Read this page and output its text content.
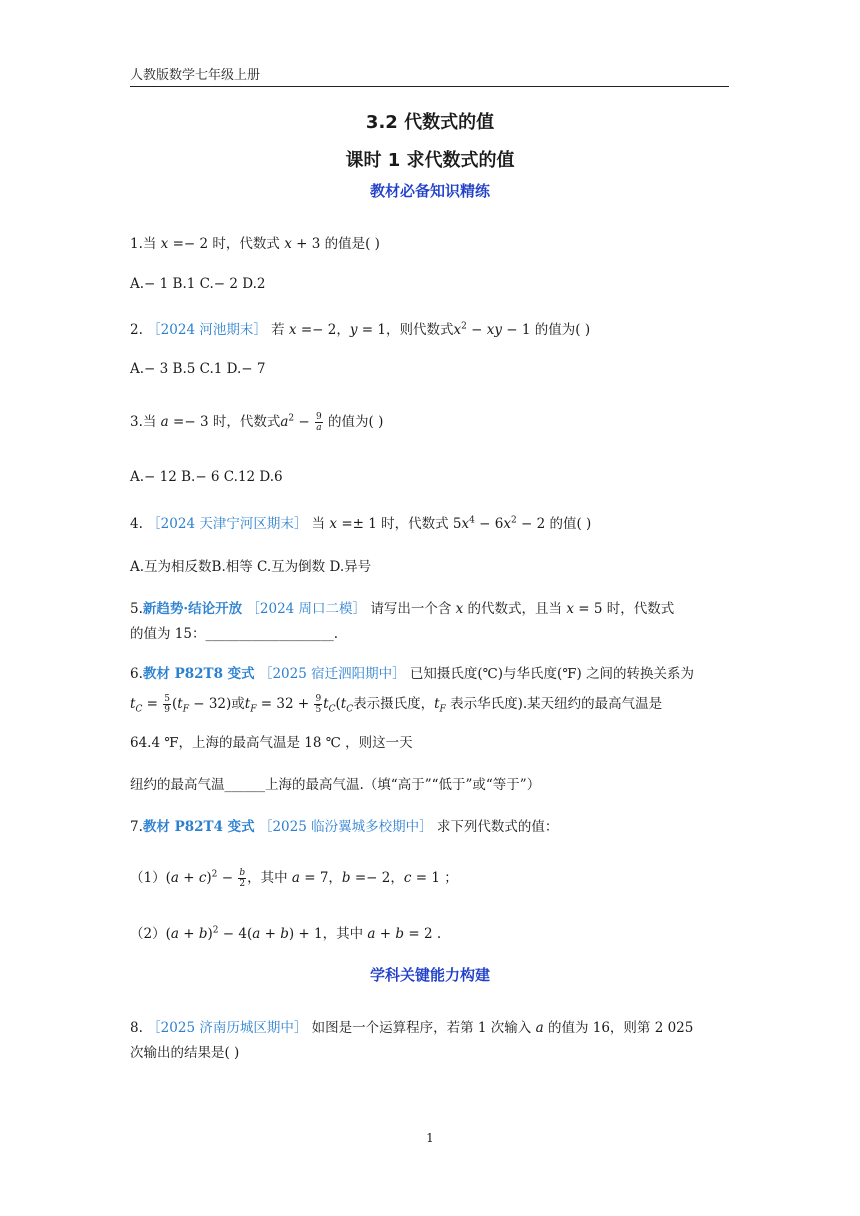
人教版数学七年级上册
3.2 代数式的值
课时 1 求代数式的值
教材必备知识精练
1.当 x =− 2 时，代数式 x + 3 的值是( )
A.− 1 B.1 C.− 2 D.2
2. ［2024 河池期末］ 若 x =− 2，y = 1，则代数式$x^2$ − xy − 1 的值为( )
A.− 3 B.5 C.1 D.− 7
3.当 a =− 3 时，代数式$a^2 - \frac{9}{a}$ 的值为( )
A.− 12 B.− 6 C.12 D.6
4. ［2024 天津宁河区期末］ 当 x =± 1 时，代数式 $5x^4 - 6x^2 - 2$ 的值( )
A.互为相反数B.相等 C.互为倒数 D.异号
5.新趋势·结论开放 ［2024 周口二模］ 请写出一个含 x 的代数式，且当 x = 5 时，代数式
的值为 15：___________________.
6.教材 P82T8 变式 ［2025 宿迁泗阳期中］ 已知摄氏度(℃)与华氏度(℉) 之间的转换关系为
$t_C = \frac{5}{9} (t_F - 32)$或$t_F = 32 + \frac{9}{5} t_C(t_C$表示摄氏度，$t_F$ 表示华氏度).某天纽约的最高气温是
64.4 ℉，上海的最高气温是 18 ℃ ，则这一天
纽约的最高气温______上海的最高气温.（填“高于”“低于”或“等于”）
7.教材 P82T4 变式 ［2025 临汾翼城多校期中］ 求下列代数式的值：
$(1)(a + c)^2 - \frac{b}{2}$ ，其中 a = 7，b =− 2，c = 1 ；
$(2)(a + b)^2 - 4(a + b) + 1$，其中 a + b = 2 .
学科关键能力构建
8. ［2025 济南历城区期中］ 如图是一个运算程序，若第 1 次输入 a 的值为 16，则第 2 025
次输出的结果是( )
1
